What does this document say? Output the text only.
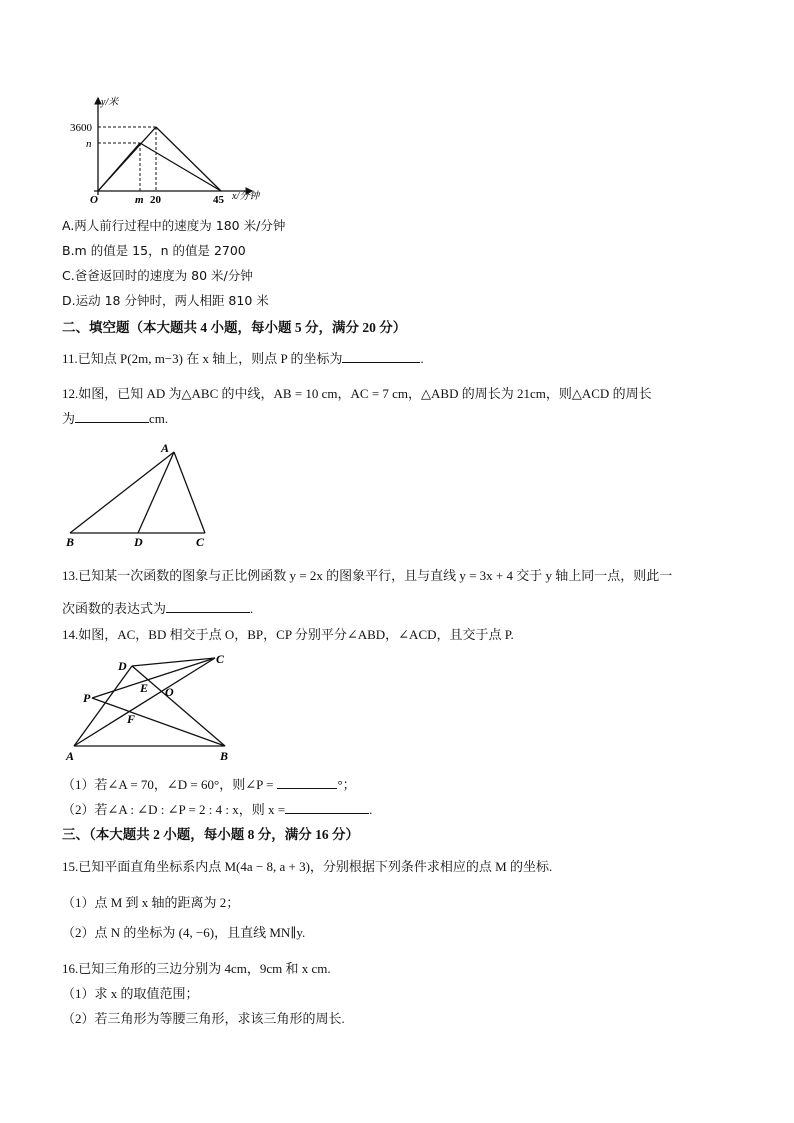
y/米
3600
n
O	m 20	45 x/分钟
A.两人前行过程中的速度为 180 米/分钟
B.m 的值是 15，n 的值是 2700
C.爸爸返回时的速度为 80 米/分钟
D.运动 18 分钟时，两人相距 810 米
二、填空题（本大题共 4 小题，每小题 5 分，满分 20 分）
11.已知点 P(2m, m−3) 在 x 轴上，则点 P 的坐标为	.
12.如图，已知 AD 为△ABC 的中线，AB = 10 cm，AC = 7 cm，△ABD 的周长为 21cm，则△ACD 的周长
为	cm.
A
B	D	C
13.已知某一次函数的图象与正比例函数 y = 2x 的图象平行，且与直线 y = 3x + 4 交于 y 轴上同一点，则此一
次函数的表达式为	.
14.如图，AC，BD 相交于点 O，BP，CP 分别平分∠ABD，∠ACD，且交于点 P.
D	C
P
E O
F
A	B
（1）若∠A = 70，∠D = 60°，则∠P =	°；
（2）若∠A : ∠D : ∠P = 2 : 4 : x，则 x =	.
三、（本大题共 2 小题，每小题 8 分，满分 16 分）
15.已知平面直角坐标系内点 M(4a − 8, a + 3)，分别根据下列条件求相应的点 M 的坐标.
（1）点 M 到 x 轴的距离为 2；
（2）点 N 的坐标为 (4, −6)，且直线 MN∥y.
16.已知三角形的三边分别为 4cm，9cm 和 x cm.
（1）求 x 的取值范围；
（2）若三角形为等腰三角形，求该三角形的周长.
